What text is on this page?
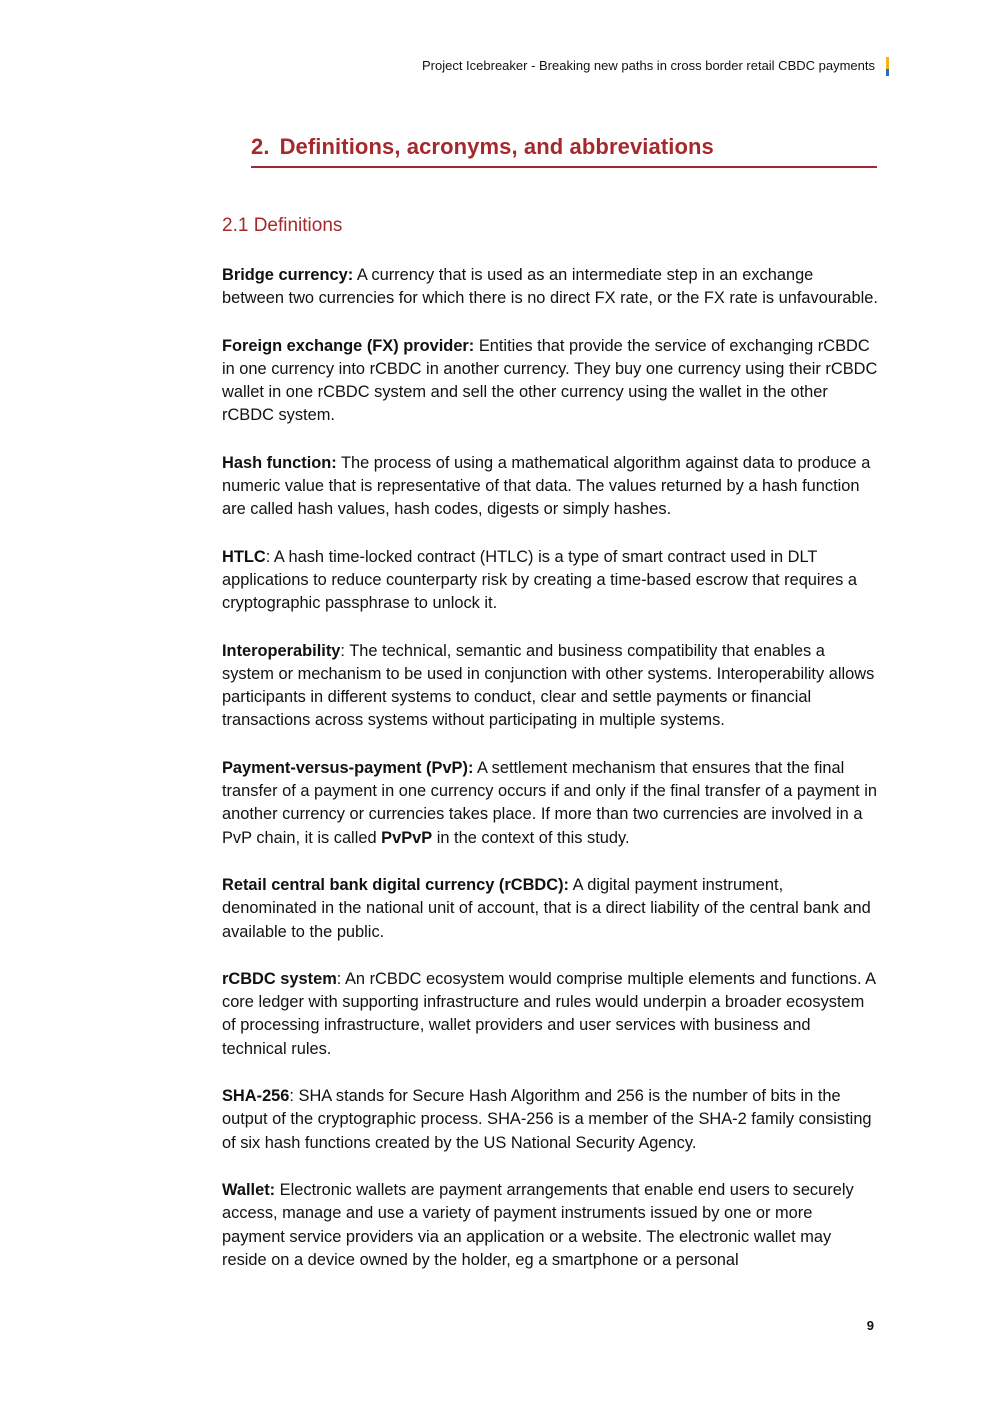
Project Icebreaker - Breaking new paths in cross border retail CBDC payments
2. Definitions, acronyms, and abbreviations
2.1 Definitions

Bridge currency: A currency that is used as an intermediate step in an exchange between two currencies for which there is no direct FX rate, or the FX rate is unfavourable.

Foreign exchange (FX) provider: Entities that provide the service of exchanging rCBDC in one currency into rCBDC in another currency. They buy one currency using their rCBDC wallet in one rCBDC system and sell the other currency using the wallet in the other rCBDC system.

Hash function: The process of using a mathematical algorithm against data to produce a numeric value that is representative of that data. The values returned by a hash function are called hash values, hash codes, digests or simply hashes.

HTLC: A hash time-locked contract (HTLC) is a type of smart contract used in DLT applications to reduce counterparty risk by creating a time-based escrow that requires a cryptographic passphrase to unlock it.

Interoperability: The technical, semantic and business compatibility that enables a system or mechanism to be used in conjunction with other systems. Interoperability allows participants in different systems to conduct, clear and settle payments or financial transactions across systems without participating in multiple systems.

Payment-versus-payment (PvP): A settlement mechanism that ensures that the final transfer of a payment in one currency occurs if and only if the final transfer of a payment in another currency or currencies takes place. If more than two currencies are involved in a PvP chain, it is called PvPvP in the context of this study.

Retail central bank digital currency (rCBDC): A digital payment instrument, denominated in the national unit of account, that is a direct liability of the central bank and available to the public.

rCBDC system: An rCBDC ecosystem would comprise multiple elements and functions. A core ledger with supporting infrastructure and rules would underpin a broader ecosystem of processing infrastructure, wallet providers and user services with business and technical rules.

SHA-256: SHA stands for Secure Hash Algorithm and 256 is the number of bits in the output of the cryptographic process. SHA-256 is a member of the SHA-2 family consisting of six hash functions created by the US National Security Agency.

Wallet: Electronic wallets are payment arrangements that enable end users to securely access, manage and use a variety of payment instruments issued by one or more payment service providers via an application or a website. The electronic wallet may reside on a device owned by the holder, eg a smartphone or a personal

9
